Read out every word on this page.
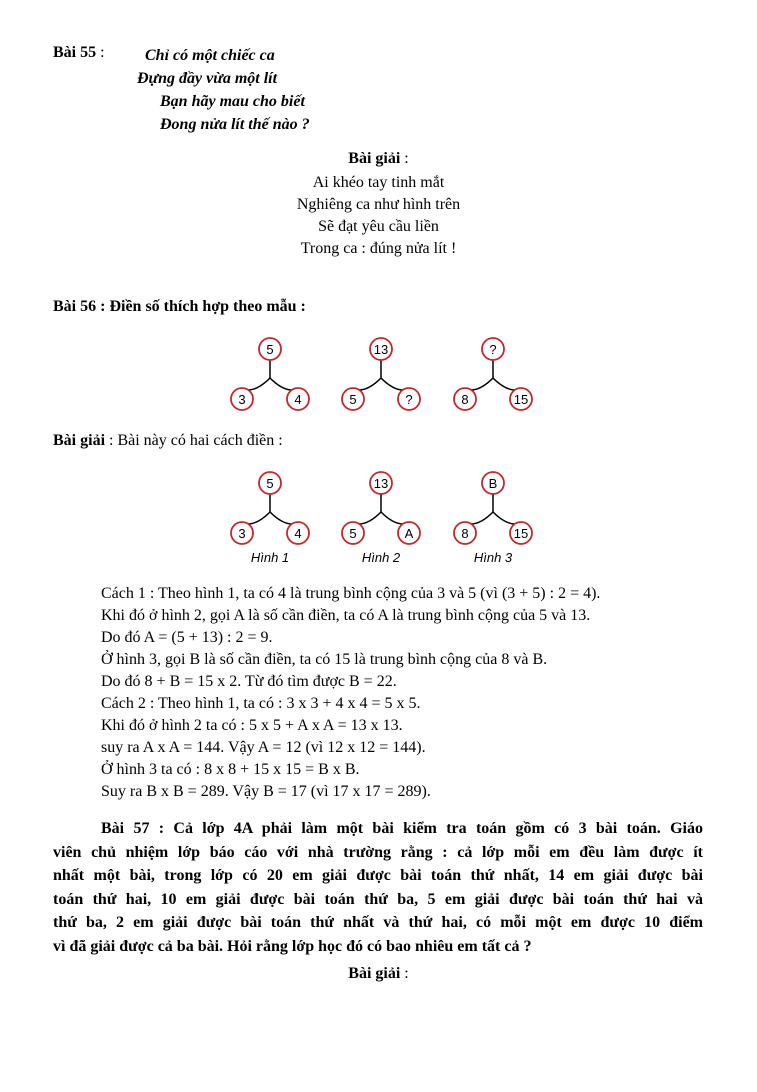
Bài 55 :	Chỉ có một chiếc ca
Đựng đầy vừa một lít
Bạn hãy mau cho biết
Đong nửa lít thế nào ?
Bài giải :
Ai khéo tay tinh mắt
Nghiêng ca như hình trên
Sẽ đạt yêu cầu liền
Trong ca : đúng nửa lít !
Bài 56 : Điền số thích hợp theo mẫu :
5
3	4
13
5	?
?
8	15
Bài giải : Bài này có hai cách điền :
5
3	4
Hình 1
13
5	A
Hình 2
B
8	15
Hình 3
Cách 1 : Theo hình 1, ta có 4 là trung bình cộng của 3 và 5 (vì (3 + 5) : 2 = 4).
Khi đó ở hình 2, gọi A là số cần điền, ta có A là trung bình cộng của 5 và 13.
Do đó A = (5 + 13) : 2 = 9.
Ở hình 3, gọi B là số cần điền, ta có 15 là trung bình cộng của 8 và B.
Do đó 8 + B = 15 x 2. Từ đó tìm được B = 22.
Cách 2 : Theo hình 1, ta có : 3 x 3 + 4 x 4 = 5 x 5.
Khi đó ở hình 2 ta có : 5 x 5 + A x A = 13 x 13.
suy ra A x A = 144. Vậy A = 12 (vì 12 x 12 = 144).
Ở hình 3 ta có : 8 x 8 + 15 x 15 = B x B.
Suy ra B x B = 289. Vậy B = 17 (vì 17 x 17 = 289).
Bài 57 : Cả lớp 4A phải làm một bài kiểm tra toán gồm có 3 bài toán. Giáo
viên chủ nhiệm lớp báo cáo với nhà trường rằng : cả lớp mỗi em đều làm được ít
nhất một bài, trong lớp có 20 em giải được bài toán thứ nhất, 14 em giải được bài
toán thứ hai, 10 em giải được bài toán thứ ba, 5 em giải được bài toán thứ hai và
thứ ba, 2 em giải được bài toán thứ nhất và thứ hai, có mỗi một em được 10 điểm
vì đã giải được cả ba bài. Hỏi rằng lớp học đó có bao nhiêu em tất cả ?
Bài giải :
